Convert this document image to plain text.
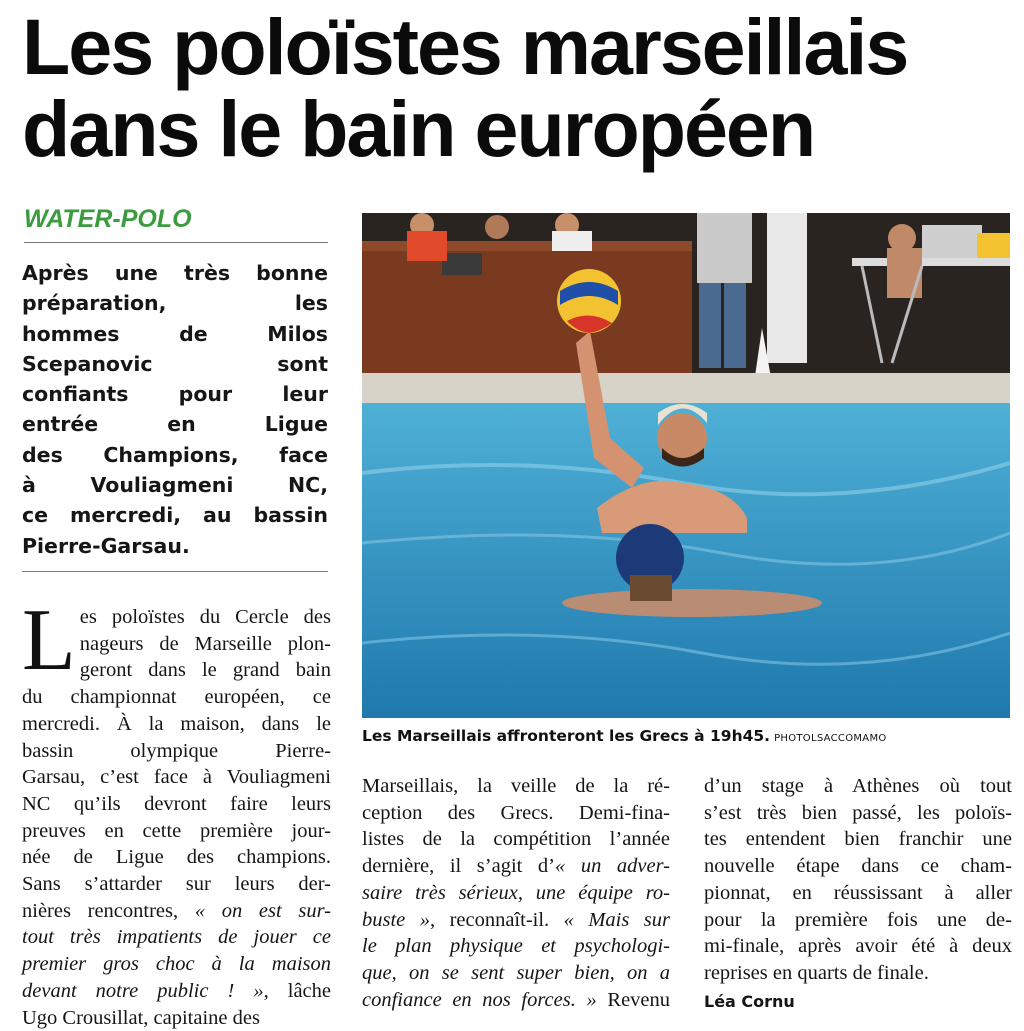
Les poloïstes marseillais
dans le bain européen
WATER-POLO
Après une très bonne
préparation, les
hommes de Milos
Scepanovic sont
confiants pour leur
entrée en Ligue
des Champions, face
à Vouliagmeni NC,
ce mercredi, au bassin
Pierre-Garsau.
Les Marseillais affronteront les Grecs à 19h45. PHOTOLSACCOMAMO
L es poloïstes du Cercle des
nageurs de Marseille plon-
geront dans le grand bain
du championnat européen, ce
mercredi. À la maison, dans le
bassin olympique Pierre-
Garsau, c’est face à Vouliagmeni
NC qu’ils devront faire leurs
preuves en cette première jour-
née de Ligue des champions.
Sans s’attarder sur leurs der-
nières rencontres, « on est sur-
tout très impatients de jouer ce
premier gros choc à la maison
devant notre public ! », lâche
Ugo Crousillat, capitaine des
Marseillais, la veille de la ré-
ception des Grecs. Demi-fina-
listes de la compétition l’année
dernière, il s’agit d’« un adver-
saire très sérieux, une équipe ro-
buste », reconnaît-il. « Mais sur
le plan physique et psychologi-
que, on se sent super bien, on a
confiance en nos forces. » Revenu
d’un stage à Athènes où tout
s’est très bien passé, les poloïs-
tes entendent bien franchir une
nouvelle étape dans ce cham-
pionnat, en réussissant à aller
pour la première fois une de-
mi-finale, après avoir été à deux
reprises en quarts de finale.
Léa Cornu
